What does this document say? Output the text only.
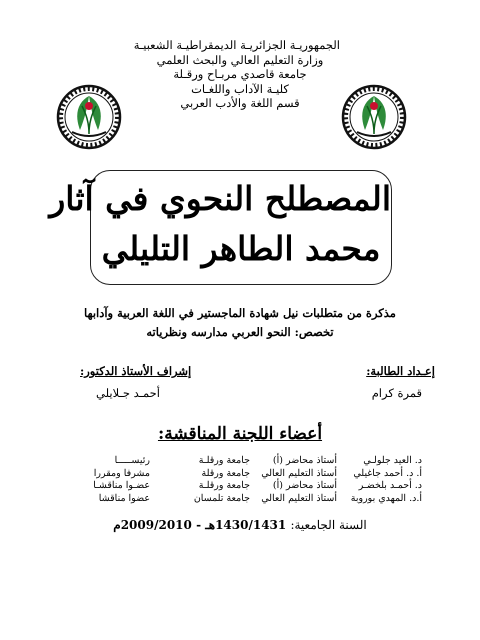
الجمهوريـة الجزائريـة الديمقراطيـة الشعبيـة
وزارة التعليم العالي والبحث العلمي
جامعة قاصدي مربـاح ورقـلة
كليـة الآداب واللغـات
قسم اللغة والأدب العربي
المصطلح النحوي في آثار
محمد الطاهر التليلي
مذكرة من متطلبات نيل شهادة الماجستير في اللغة العربية وآدابها
تخصص: النحو العربي مدارسه ونظرياته
إعـداد الطالبة:
قمرة كرام
إشراف الأستاذ الدكتور:
أحمـد جـلايلي
أعضاء اللجنة المناقشة:
د. العيد جلولـي
أستاذ محاضر (أ)
جامعة ورقلـة
رئيســـــا
أ. د. أحمد جاغيلي
أستاذ التعليم العالي
جامعة ورقلة
مشرفا ومقررا
د. أحمـد بلخضـر
أستاذ محاضر (أ)
جامعة ورقلـة
عضـوا مناقشـا
أ.د. المهدي بوروبة
أستاذ التعليم العالي
جامعة تلمسان
عضوا مناقشا
السنة الجامعية: 1430/1431هـ - 2009/2010م
